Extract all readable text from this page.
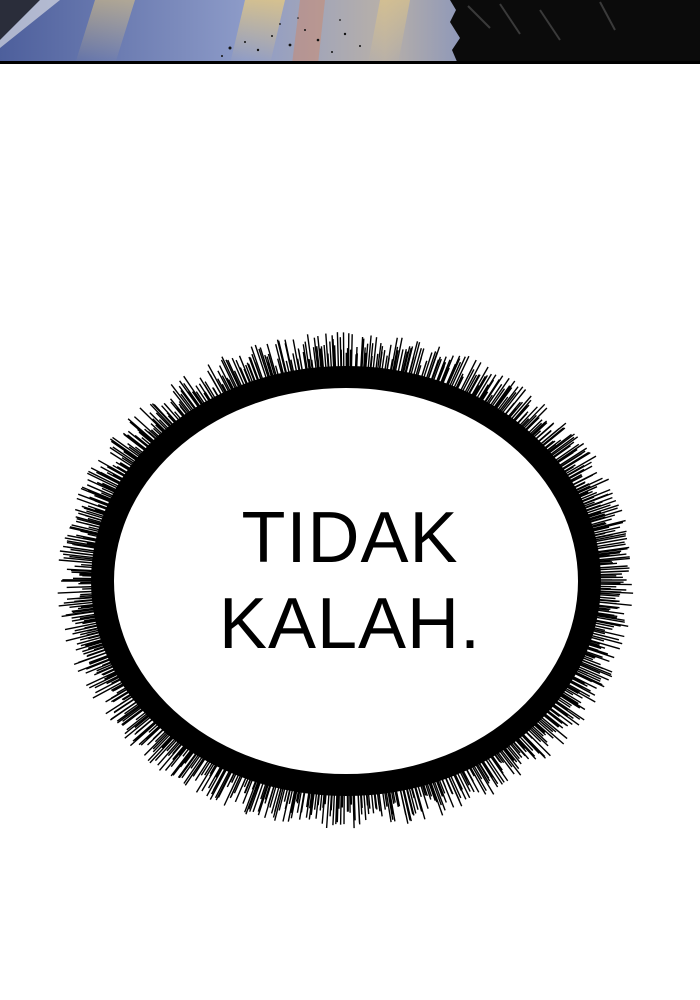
TIDAK
KALAH.
